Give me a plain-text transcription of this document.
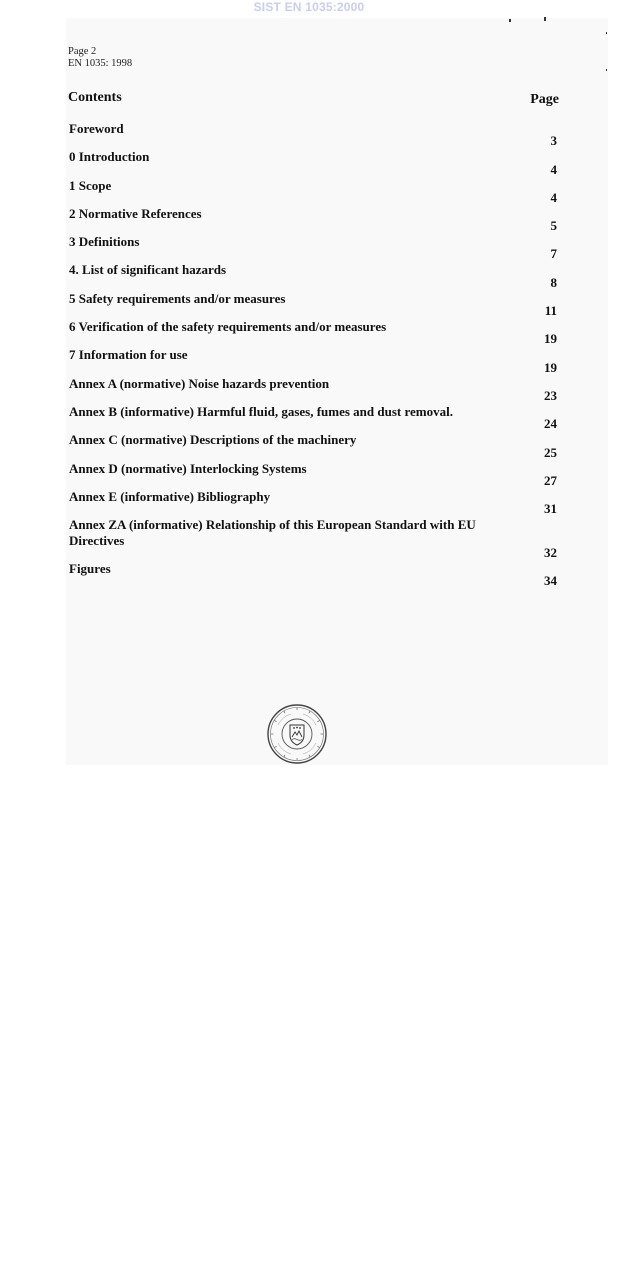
SIST EN 1035:2000
Page 2
EN 1035: 1998
Contents	Page
Foreword
3
0 Introduction
4
1 Scope
4
2 Normative References
5
3 Definitions
7
4. List of significant hazards
8
5 Safety requirements and/or measures
11
6 Verification of the safety requirements and/or measures
19
7 Information for use
19
Annex A (normative) Noise hazards prevention
23
Annex B (informative) Harmful fluid, gases, fumes and dust removal.
24
Annex C (normative) Descriptions of the machinery
25
Annex D (normative) Interlocking Systems
27
Annex E (informative) Bibliography
31
Annex ZA (informative) Relationship of this European Standard with EU Directives
32
Figures
34
